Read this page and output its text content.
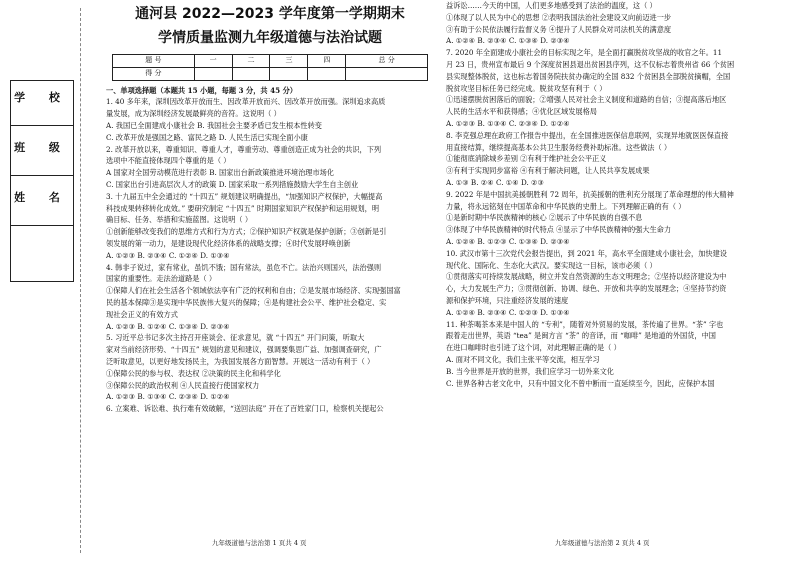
学 校
班 级
姓 名
通河县 2022—2023 学年度第一学期期末
学情质量监测九年级道德与法治试题
题 号	一	二	三	四	总 分
得 分					
一、单项选择题（本题共 15 小题，每题 3 分，共 45 分）
1. 40 多年来，深圳因改革开放而生、因改革开放而兴、因改革开放而强。深圳追求高质
量发展，成为深圳经济发展最鲜亮的音符。这说明（ ）
A. 我国已全面建成小康社会 B. 我国社会主要矛盾已发生根本性转变
C. 改革开放是强国之路、富民之路 D. 人民生活已实现全面小康
2. 改革开放以来，尊重知识、尊重人才，尊重劳动、尊重创造正成为社会的共识，下列
选项中不能直接体现四个尊重的是（ ）
A 国家对全国劳动模范进行表彰 B. 国家出台新政策推进环境治理市场化
C. 国家出台引进高层次人才的政策 D. 国家采取一系列措施鼓励大学生自主创业
3. 十九届五中全会通过的 “十四五” 规划建议明确提出，“加强知识产权保护，大幅提高
科技成果转移转化成效。” 要研究制定 “十四五” 时期国家知识产权保护和运用规划，明
确目标、任务、举措和实施蓝图。这说明（ ）
①创新能够改变我们的思维方式和行为方式；②保护知识产权就是保护创新；③创新是引
领发展的第一动力，是建设现代化经济体系的战略支撑；④时代发展呼唤创新
A. ①②③ B. ②③④ C. ①②④ D. ①③④
4. 韩非子说过，家有常业，虽饥不饿；国有常法，虽危不亡。法治兴则国兴，法治强则
国家的重要性。走法治道路是（ ）
①保障人们在社会生活各个领域依法享有广泛的权利和自由；②是发展市场经济、实现强国富
民的基本保障③是实现中华民族伟大复兴的保障；④是构建社会公平、维护社会稳定、实
现社会正义的有效方式
A. ①②③ B. ①②④ C. ①③④ D. ②③④
5. 习近平总书记多次主持召开座谈会、征求意见，就 “十四五” 开门问策，听取大
家对当前经济形势、“十四五” 规划的意见和建议，强调要集思广益、加强调查研究，广
泛听取意见，以更好地发扬民主，为我国发展各方面智慧。开展这一活动有利于（ ）
①保障公民的参与权、表达权 ②决策的民主化和科学化
③保障公民的政治权利 ④人民直接行使国家权力
A. ①②③ B. ①③④ C. ②③④ D. ①②④
6. 立案难、诉讼难、执行难有效破解，“送回法庭” 开在了百姓家门口，检察机关提起公
益诉讼……今天的中国，人们更多地感受到了法治的温度，这（ ）
①体现了以人民为中心的思想 ②表明我国法治社会建设又向前迈进一步
③有助于公民依法履行监督义务 ④提升了人民群众对司法机关的满意度
A. ①②④ B. ②③④ C. ①③④ D. ②③④
7. 2020 年全面建成小康社会的目标实现之年，是全面打赢脱贫攻坚战的收官之年。11
月 23 日，贵州宣布最后 9 个深度贫困县退出贫困县序列，这不仅标志着贵州省 66 个贫困
县实现整体脱贫，这也标志着国务院扶贫办确定的全国 832 个贫困县全部脱贫摘帽，全国
脱贫攻坚目标任务已经完成。脱贫攻坚有利于（ ）
①迅速摆脱贫困落后的面貌；②增强人民对社会主义制度和道路的自信；③提高落后地区
人民的生活水平和获得感；④优化区域发展格局
A. ①②③ B. ①③④ C. ②③④ D. ①②④
8. 李克强总理在政府工作报告中提出，在全国推进医保信息联网，实现异地就医医保直接
用直接结算，继续提高基本公共卫生服务经费补助标准。这些做法（ ）
①能彻底消除城乡差别 ②有利于维护社会公平正义
③有利于实现同步富裕 ④有利于解决问题，让人民共享发展成果
A. ①③ B. ②④ C. ①④ D. ②③
9. 2022 年是中国抗美援朝胜利 72 周年，抗美援朝的胜利充分展现了革命理想的伟大精神
力量，将永远铭刻在中国革命和中华民族的史册上。下列理解正确的有（ ）
①是新时期中华民族精神的核心 ②展示了中华民族的自强不息
③体现了中华民族精神的时代特点 ④显示了中华民族精神的强大生命力
A. ①②④ B. ①②③ C. ①③④ D. ②③④
10. 武汉市第十三次党代会报告提出，到 2021 年，高水平全面建成小康社会，加快建设
现代化、国际化、生态化大武汉。要实现这一目标，该市必须（ ）
①贯彻落实可持续发展战略，树立并发自然资源的生态文明理念；②坚持以经济建设为中
心，大力发展生产力；③贯彻创新、协调、绿色、开放和共享的发展理念；④坚持节约资
源和保护环境，只注重经济发展的速度
A. ①②④ B. ②③④ C. ①②③ D. ①③④
11. 种茶喝茶本来是中国人的 “专利”，随着对外贸易的发展，茶传遍了世界。“茶” 字也
跟着走出世界，英语 “tea” 是闽方言 “茶” 的音译，而 “咖啡” 是地道的外国货，中国
在进口咖啡时也引进了这个词，对此理解正确的是（ ）
A. 面对不同文化，我们主张平等交流，相互学习
B. 当今世界是开放的世界，我们应学习一切外来文化
C. 世界各种古老文化中，只有中国文化不曾中断而一直延续至今，因此，应保护本国
九年级道德与法治第 1 页共 4 页	九年级道德与法治第 2 页共 4 页
